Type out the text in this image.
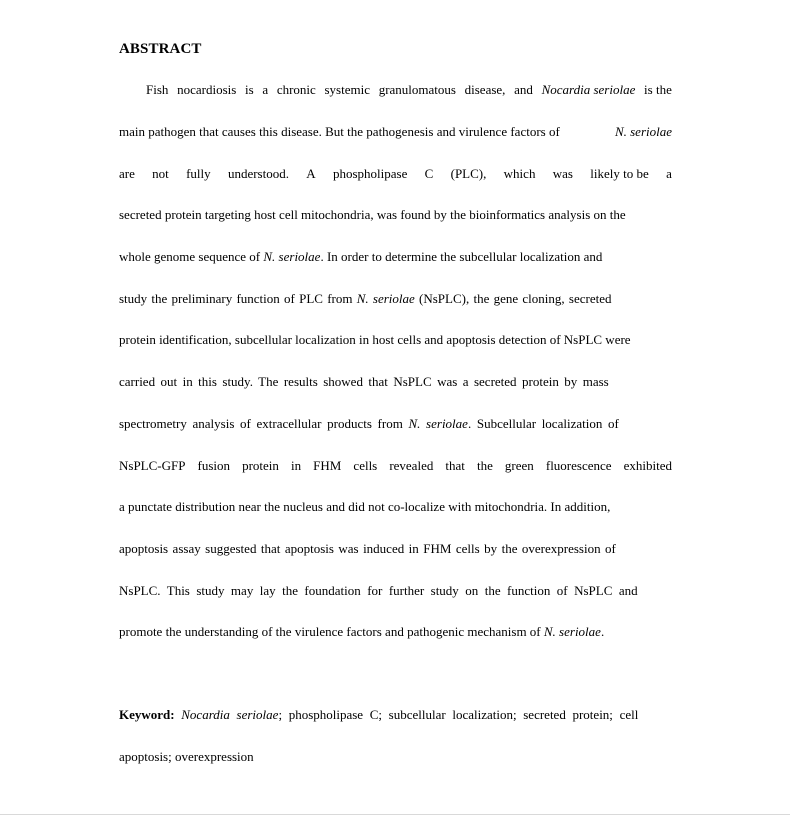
ABSTRACT
Fish nocardiosis is a chronic systemic granulomatous disease, and Nocardia seriolae is the
main pathogen that causes this disease. But the pathogenesis and virulence factors of	N. seriolae
are not fully understood. A phospholipase C (PLC), which was likely to be a
secreted protein targeting host cell mitochondria, was found by the bioinformatics analysis on the
whole genome sequence of N. seriolae. In order to determine the subcellular localization and
study the preliminary function of PLC from N. seriolae (NsPLC), the gene cloning, secreted
protein identification, subcellular localization in host cells and apoptosis detection of NsPLC were
carried out in this study. The results showed that NsPLC was a secreted protein by mass
spectrometry analysis of extracellular products from N. seriolae. Subcellular localization of
NsPLC-GFP fusion protein in FHM cells revealed that the green fluorescence exhibited
a punctate distribution near the nucleus and did not co-localize with mitochondria. In addition,
apoptosis assay suggested that apoptosis was induced in FHM cells by the overexpression of
NsPLC. This study may lay the foundation for further study on the function of NsPLC and
promote the understanding of the virulence factors and pathogenic mechanism of N. seriolae.
Keyword: Nocardia seriolae; phospholipase C; subcellular localization; secreted protein; cell
apoptosis; overexpression
